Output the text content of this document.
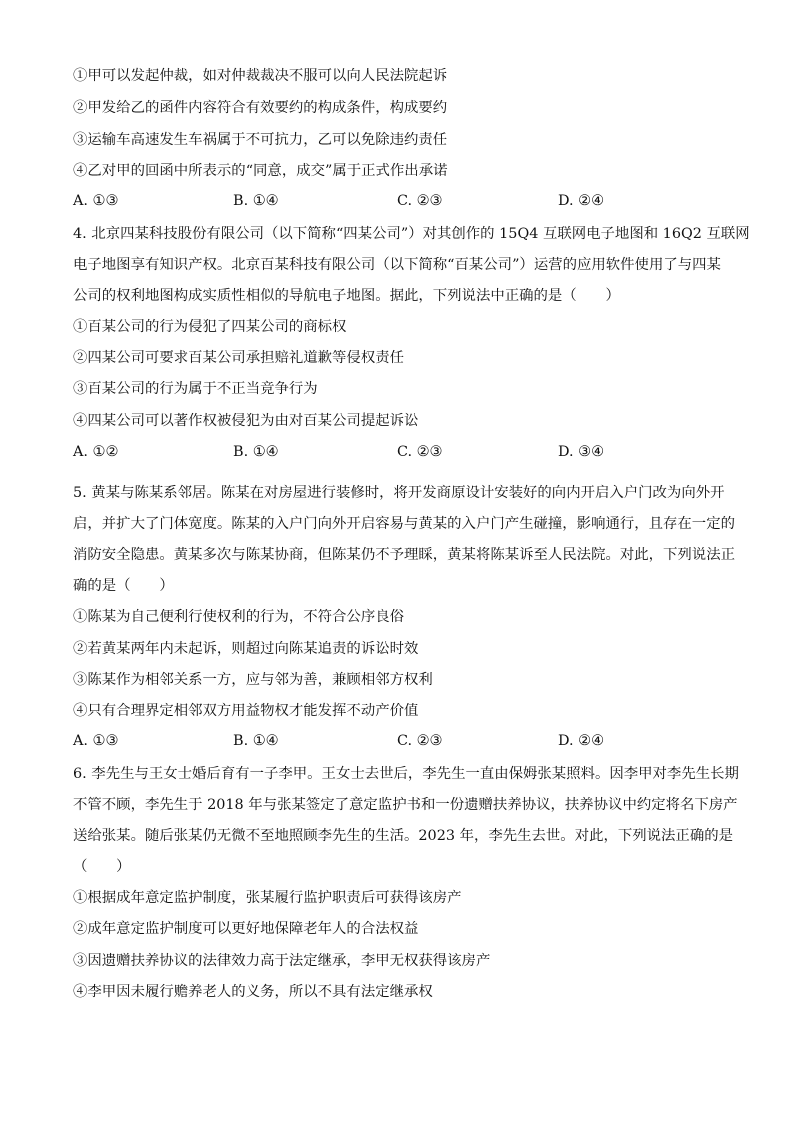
①甲可以发起仲裁，如对仲裁裁决不服可以向人民法院起诉
②甲发给乙的函件内容符合有效要约的构成条件，构成要约
③运输车高速发生车祸属于不可抗力，乙可以免除违约责任
④乙对甲的回函中所表示的“同意，成交”属于正式作出承诺
A. ①③	B. ①④	C. ②③	D. ②④
4. 北京四某科技股份有限公司（以下简称“四某公司”）对其创作的 15Q4 互联网电子地图和 16Q2 互联网
电子地图享有知识产权。北京百某科技有限公司（以下简称“百某公司”）运营的应用软件使用了与四某
公司的权利地图构成实质性相似的导航电子地图。据此，下列说法中正确的是（　　）
①百某公司的行为侵犯了四某公司的商标权
②四某公司可要求百某公司承担赔礼道歉等侵权责任
③百某公司的行为属于不正当竞争行为
④四某公司可以著作权被侵犯为由对百某公司提起诉讼
A. ①②	B. ①④	C. ②③	D. ③④
5. 黄某与陈某系邻居。陈某在对房屋进行装修时，将开发商原设计安装好的向内开启入户门改为向外开
启，并扩大了门体宽度。陈某的入户门向外开启容易与黄某的入户门产生碰撞，影响通行，且存在一定的
消防安全隐患。黄某多次与陈某协商，但陈某仍不予理睬，黄某将陈某诉至人民法院。对此，下列说法正
确的是（　　）
①陈某为自己便利行使权利的行为，不符合公序良俗
②若黄某两年内未起诉，则超过向陈某追责的诉讼时效
③陈某作为相邻关系一方，应与邻为善，兼顾相邻方权利
④只有合理界定相邻双方用益物权才能发挥不动产价值
A. ①③	B. ①④	C. ②③	D. ②④
6. 李先生与王女士婚后育有一子李甲。王女士去世后，李先生一直由保姆张某照料。因李甲对李先生长期
不管不顾，李先生于 2018 年与张某签定了意定监护书和一份遗赠扶养协议，扶养协议中约定将名下房产
送给张某。随后张某仍无微不至地照顾李先生的生活。2023 年，李先生去世。对此，下列说法正确的是
（　　）
①根据成年意定监护制度，张某履行监护职责后可获得该房产
②成年意定监护制度可以更好地保障老年人的合法权益
③因遗赠扶养协议的法律效力高于法定继承，李甲无权获得该房产
④李甲因未履行赡养老人的义务，所以不具有法定继承权
